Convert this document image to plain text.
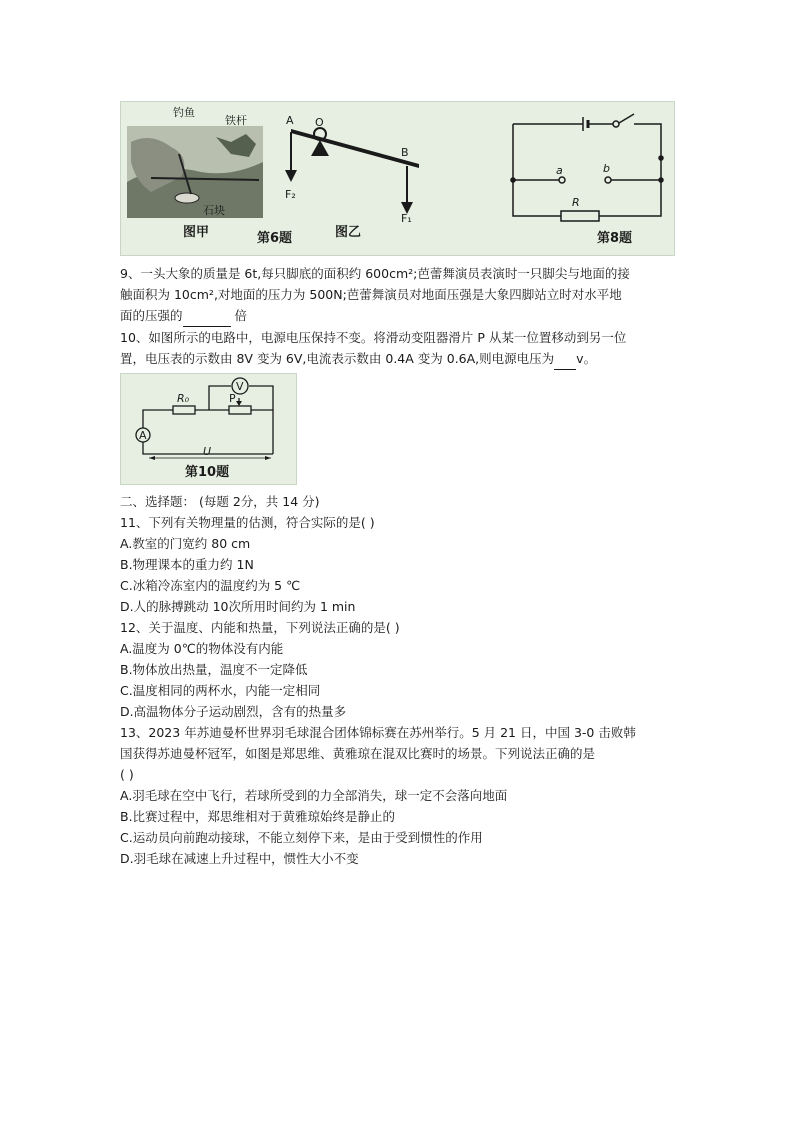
钓鱼
铁杆
石块
图甲	第6题
A O
B
F₂
F₁
图乙
a	b
R
第8题
9、一头大象的质量是 6t,每只脚底的面积约 600cm²;芭蕾舞演员表演时一只脚尖与地面的接
触面积为 10cm²,对地面的压力为 500N;芭蕾舞演员对地面压强是大象四脚站立时对水平地
面的压强的	倍
10、如图所示的电路中，电源电压保持不变。将滑动变阻器滑片 P 从某一位置移动到另一位
置，电压表的示数由 8V 变为 6V,电流表示数由 0.4A 变为 0.6A,则电源电压为 v。
V
R₀	P
A
U
第10题
二、选择题： (每题 2分，共 14 分)
11、下列有关物理量的估测，符合实际的是( )
A.教室的门宽约 80 cm
B.物理课本的重力约 1N
C.冰箱冷冻室内的温度约为 5 ℃
D.人的脉搏跳动 10次所用时间约为 1 min
12、关于温度、内能和热量，下列说法正确的是( )
A.温度为 0℃的物体没有内能
B.物体放出热量，温度不一定降低
C.温度相同的两杯水，内能一定相同
D.高温物体分子运动剧烈，含有的热量多
13、2023 年苏迪曼杯世界羽毛球混合团体锦标赛在苏州举行。5 月 21 日，中国 3-0 击败韩
国获得苏迪曼杯冠军，如图是郑思维、黄雅琼在混双比赛时的场景。下列说法正确的是
( )
A.羽毛球在空中飞行，若球所受到的力全部消失，球一定不会落向地面
B.比赛过程中，郑思维相对于黄雅琼始终是静止的
C.运动员向前跑动接球，不能立刻停下来，是由于受到惯性的作用
D.羽毛球在减速上升过程中，惯性大小不变
